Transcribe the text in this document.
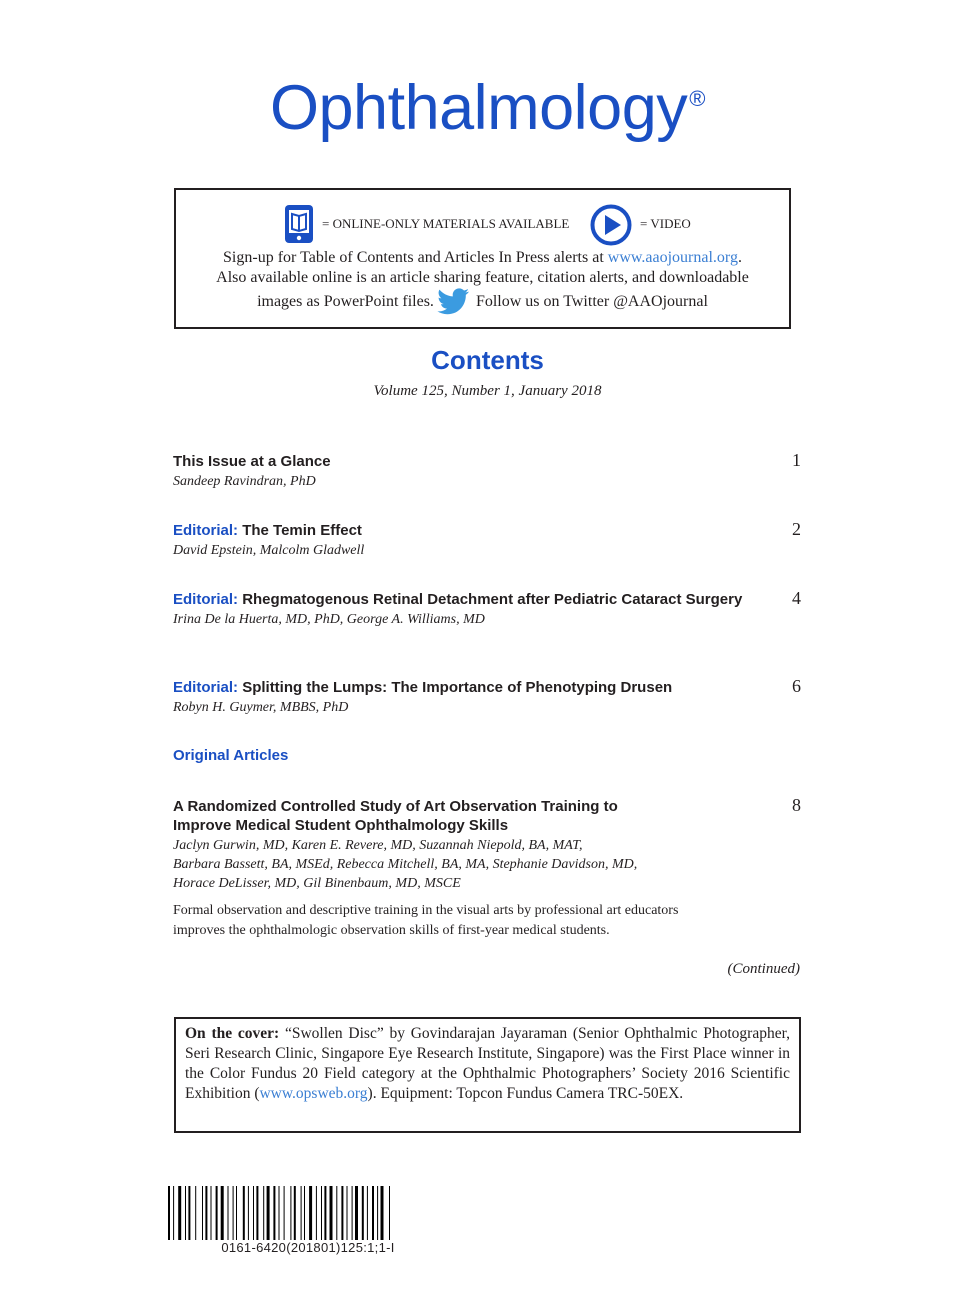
Ophthalmology®
= ONLINE-ONLY MATERIALS AVAILABLE	= VIDEO
Sign-up for Table of Contents and Articles In Press alerts at www.aaojournal.org.
Also available online is an article sharing feature, citation alerts, and downloadable
images as PowerPoint files.	Follow us on Twitter @AAOjournal
Contents
Volume 125, Number 1, January 2018
This Issue at a Glance
Sandeep Ravindran, PhD
1
Editorial: The Temin Effect
David Epstein, Malcolm Gladwell
2
Editorial: Rhegmatogenous Retinal Detachment after Pediatric Cataract Surgery
Irina De la Huerta, MD, PhD, George A. Williams, MD
4
Editorial: Splitting the Lumps: The Importance of Phenotyping Drusen
Robyn H. Guymer, MBBS, PhD
6
Original Articles
A Randomized Controlled Study of Art Observation Training to
Improve Medical Student Ophthalmology Skills
Jaclyn Gurwin, MD, Karen E. Revere, MD, Suzannah Niepold, BA, MAT,
Barbara Bassett, BA, MSEd, Rebecca Mitchell, BA, MA, Stephanie Davidson, MD,
Horace DeLisser, MD, Gil Binenbaum, MD, MSCE
Formal observation and descriptive training in the visual arts by professional art educators
improves the ophthalmologic observation skills of first-year medical students.
8
(Continued)
On the cover: “Swollen Disc” by Govindarajan Jayaraman (Senior Ophthalmic Photographer, Seri Research Clinic, Singapore Eye Research Institute, Singapore) was the First Place winner in the Color Fundus 20 Field category at the Ophthalmic Photographers’ Society 2016 Scientific Exhibition (www.opsweb.org). Equipment: Topcon Fundus Camera TRC-50EX.
0161-6420(201801)125:1;1-I
